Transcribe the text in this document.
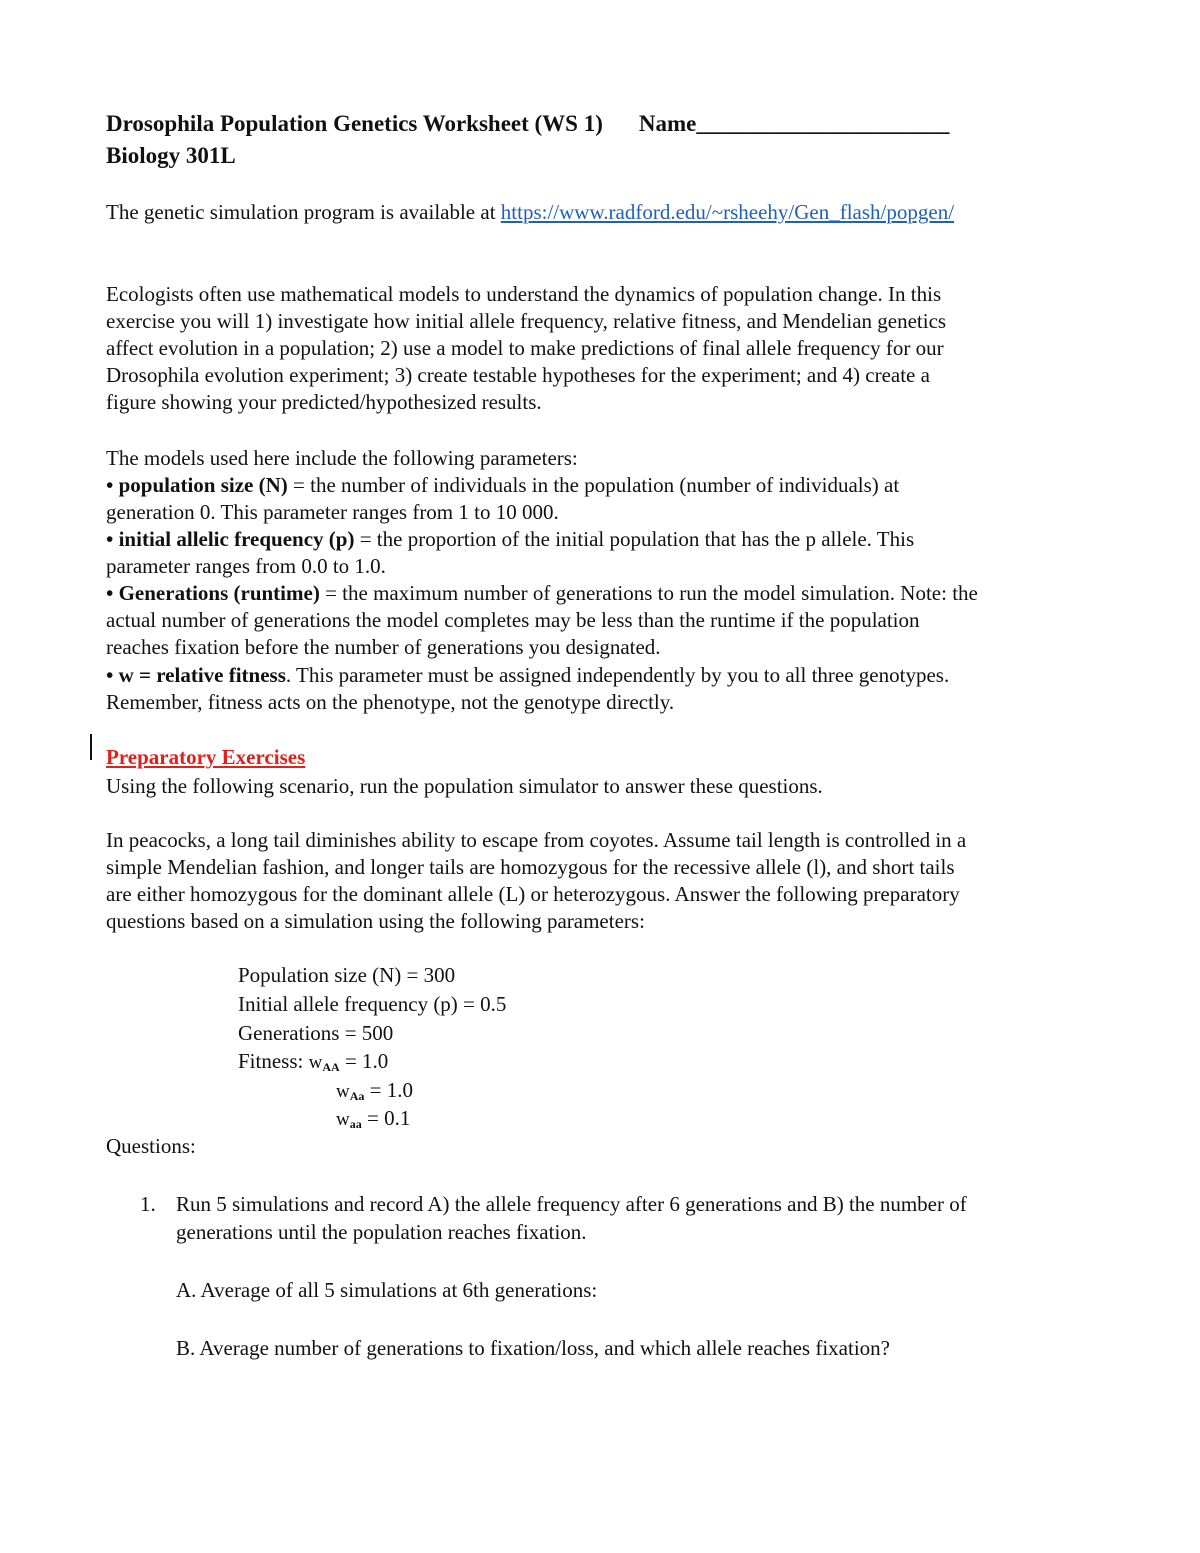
Drosophila Population Genetics Worksheet (WS 1) Name______________________
Biology 301L
The genetic simulation program is available at https://www.radford.edu/~rsheehy/Gen_flash/popgen/
Ecologists often use mathematical models to understand the dynamics of population change. In this
exercise you will 1) investigate how initial allele frequency, relative fitness, and Mendelian genetics
affect evolution in a population; 2) use a model to make predictions of final allele frequency for our
Drosophila evolution experiment; 3) create testable hypotheses for the experiment; and 4) create a
figure showing your predicted/hypothesized results.
The models used here include the following parameters:
• population size (N) = the number of individuals in the population (number of individuals) at
generation 0. This parameter ranges from 1 to 10 000.
• initial allelic frequency (p) = the proportion of the initial population that has the p allele. This
parameter ranges from 0.0 to 1.0.
• Generations (runtime) = the maximum number of generations to run the model simulation. Note: the
actual number of generations the model completes may be less than the runtime if the population
reaches fixation before the number of generations you designated.
• w = relative fitness. This parameter must be assigned independently by you to all three genotypes.
Remember, fitness acts on the phenotype, not the genotype directly.
Preparatory Exercises
Using the following scenario, run the population simulator to answer these questions.
In peacocks, a long tail diminishes ability to escape from coyotes. Assume tail length is controlled in a
simple Mendelian fashion, and longer tails are homozygous for the recessive allele (l), and short tails
are either homozygous for the dominant allele (L) or heterozygous. Answer the following preparatory
questions based on a simulation using the following parameters:
Population size (N) = 300
Initial allele frequency (p) = 0.5
Generations = 500
Fitness: $w_{AA} = 1.0$
$w_{Aa} = 1.0$
$w_{aa} = 0.1$
Questions:
1. Run 5 simulations and record A) the allele frequency after 6 generations and B) the number of
generations until the population reaches fixation.
A. Average of all 5 simulations at 6th generations:
B. Average number of generations to fixation/loss, and which allele reaches fixation?
